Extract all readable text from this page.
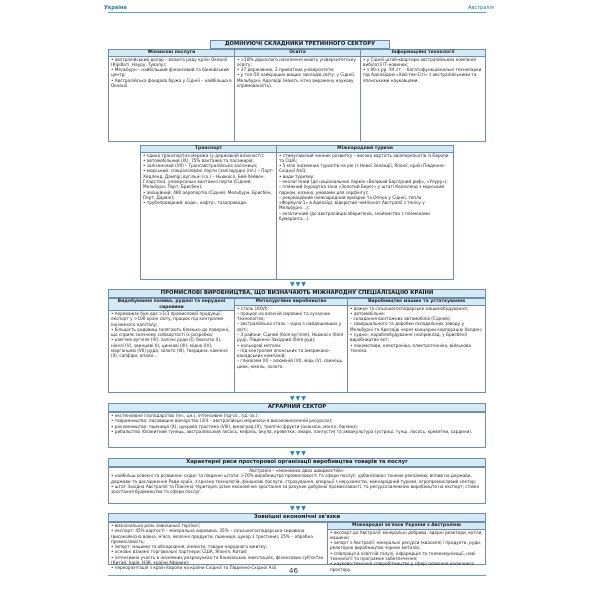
Україна	Австралія
ДОМІНУЮЧІ СКЛАДНИКИ ТРЕТИННОГО СЕКТОРУ
Фінансові послуги
• австралійський долар – валюта ряду країн Океанії (Кірібаті, Науру, Тувалу);
• Мельбурн – найбільший фінансовий та банківський центр;
• Австралійська фондова біржа у Сіднеї – найбільша в Океанії.
Освіта
• >18% дорослого населення мають університетську освіту;
• 37 державних, 2 приватних університети;
• у топ-50 найкращих вищих закладів світу: у Сіднеї, Мельбурні, Аделаїді (мають чітко виражену наукову спрямованість).
Інформаційні технології
• у Сіднеї штаб-квартири австралійських компаній вибілатії ІТ-новинок;
• з 90-х рр. XX ст. – багатофункціональні технопарки під Аделаїдою «Хай-тек-Сіті» з австралійськими та японськими науковцями.
Транспорт
• єдина транспортна мережа (у державній власності);
• автомобільний (IX): 75% вантажів та пасажирів;
• залізничний (VII) – Трансавстралійська залізниця;
• морський: спеціалізовані порти (залізорудні (пл.) – Порт-Хедленд, Дампір; вугільні (сх.) – Ньюкасл, Бей-Хейвен, Гладстон), універсальні вантажні порти (Сідней, Мельбурн, Порт, Брисбен);
• авіаційний: 480 аеропортів (Сідней, Мельбурн, Брисбен, Перт, Дарвін);
• трубопровідний: водо-, нафто-, газопроводи.
Міжнародний туризм
• стимулюючий чинник розвитку – висока вартість авіаперельотів із Європи та США;
• 5 млн іноземних туристів на рік (з Нової Зеландії, Японії, країн Південно-Східної Азії);
• види туризму:
– екологічний (до національних парків «Великий Бар'єрний риф», «Улуру»);
– пляжний (курортна зона «Золотий Берег» у штаті Квінсленд з морським парком, казино, умовами для серфінгу);
– рекреаційний (міжнародний ярмарок та Опера у Сіднеї, тепла «Формула-1» в Аделаїді, відкритий чемпіонат Австралії з тенісу у Мельбурні…);
– екзотичний (до австралійців-аборигенів, знайомство з племенами бумеранга…).
▼▼▼
ПРОМИСЛОВІ ВИРОБНИЦТВА, ЩО ВИЗНАЧАЮТЬ МІЖНАРОДНУ СПЕЦІАЛІЗАЦІЮ КРАЇНИ
Видобування палива, рудної та нерудної сировини
• переважає бум дає >1/3 промислової продукції, експорт у >100 країн світу, працює під контролем іноземного капіталу;
• більшість родовищ залягають близько до поверхні, що сприяє значному собівартості їх розробки;
• кам'яне вугілля (IV), залізні руди (I), боксити (I), нікелі (V), свинцеві (I), цинкові (III), мідна (IV), марганцеві (VII) руда, золото (III), твердина, каміння (II), сапфіри, опали…
Металургійне виробництво
• сталь (XXVI):
– працює на власній сировині та сучасних технологіях;
– австралійська сталь – одна з найдешевших у світі;
– 3 райони: Сідней (біля вугілля), Ньюкасл (біля руд), Південно-Західний (біля руд);
• кольорові метали:
– під контролем японських та американо-канадських компаній;
– глинозем (II) – алюміній (VI), мідь (V), свинець, цинк, нікель, золото.
Виробництво машин та устаткування
• важке та сільськогосподарське машинобудування;
• автомобільне:
– складання вантажних автомобілів (Сідней);
– завершального та доробки складальних заводу у Мельбурні та Аделаїді через концерни корпорацію Холден;
• судно-, кораблебудування (наприклад, у Брисбені) виробництво яхт;
• локомотиви, електроніка, електротехніка, військова техніка.
▼▼▼
АГРАРНИЙ СЕКТОР
• екстенсивне господарство (пн., цн.), інтенсивне (пд-сх., пд.-зх.);
• тваринництво: пасовищне вівчарство (3/4 – австралійські мериноси в високовнесенній ресурсах);
• рослинництво: пшениця (X), цукрова тростина (VIII), виноград (X), тропічні фрукти (ананаси, манго, банани);
• рибальство (блакитний тунець, австралійський лосось, кефаль, акула, креветки, омари, лангусти) та аквакультура (устриці, тунці, лосось, креветки, сардини).
▼▼▼
Характерні риси просторової організації виробництва товарів та послуг
Австралія – «економіка двох швидкостей»:
• найбільш освоєні та розвинені східні та південні штати: >70% виробництва промисловості та сфери послуг; урбанізовані тонкою рекламою; вплив на держави, держави та дослідження Ради країн, з'єднана технологій, фінансові послуги, страхування, операції з нерухомістю, міжнародний туризм, агропромисловий сектор;
• штат Західна Австралія та Північна територія: різке економічне зростання за рахунок добувної промисловості, та ресурсозалежних виробництв на експорт; стійке зростання будівництва та сфери послуг.
▼▼▼
Зовнішні економічні зв'язки
• визначальна роль зовнішньої торгівлі;
• експорт: 45% вартості – мінеральна сировина, 35% – сільськогосподарська сировина (високоякісна вовна, м'ясо, молочні продукти, пшениця, цукор з тростини), 25% – обробна промисловість;
• імпорт: машини та обладнання, хімікати, товари народного вжитку;
• основні взаємні торговельні партнери: США, Японія, Китай;
• інтенсивна участь в іноземних розрахунках та банківських інвестиціях, фінансових суб'єктах (Китай, Індія, НЗК, країни Африки);
• переорієнтація з країн Європи на країни Східної та Південно-Східної Азії.
Міжнародні зв'язки України з Австралією
• експорт до Австралії: мінеральні добрива, ядерні реактори, котли, машини;
• імпорт з Австралії: мінеральні ресурси (квасоля) і продукти, руди, реакторне виробництво чорних металів;
• співпраця в освітній галузі, інформація та телекомунікації, нові технології та програмне забезпечення;
• науково-технічне співробітництво у сфері освоєння космічного простору.
46
